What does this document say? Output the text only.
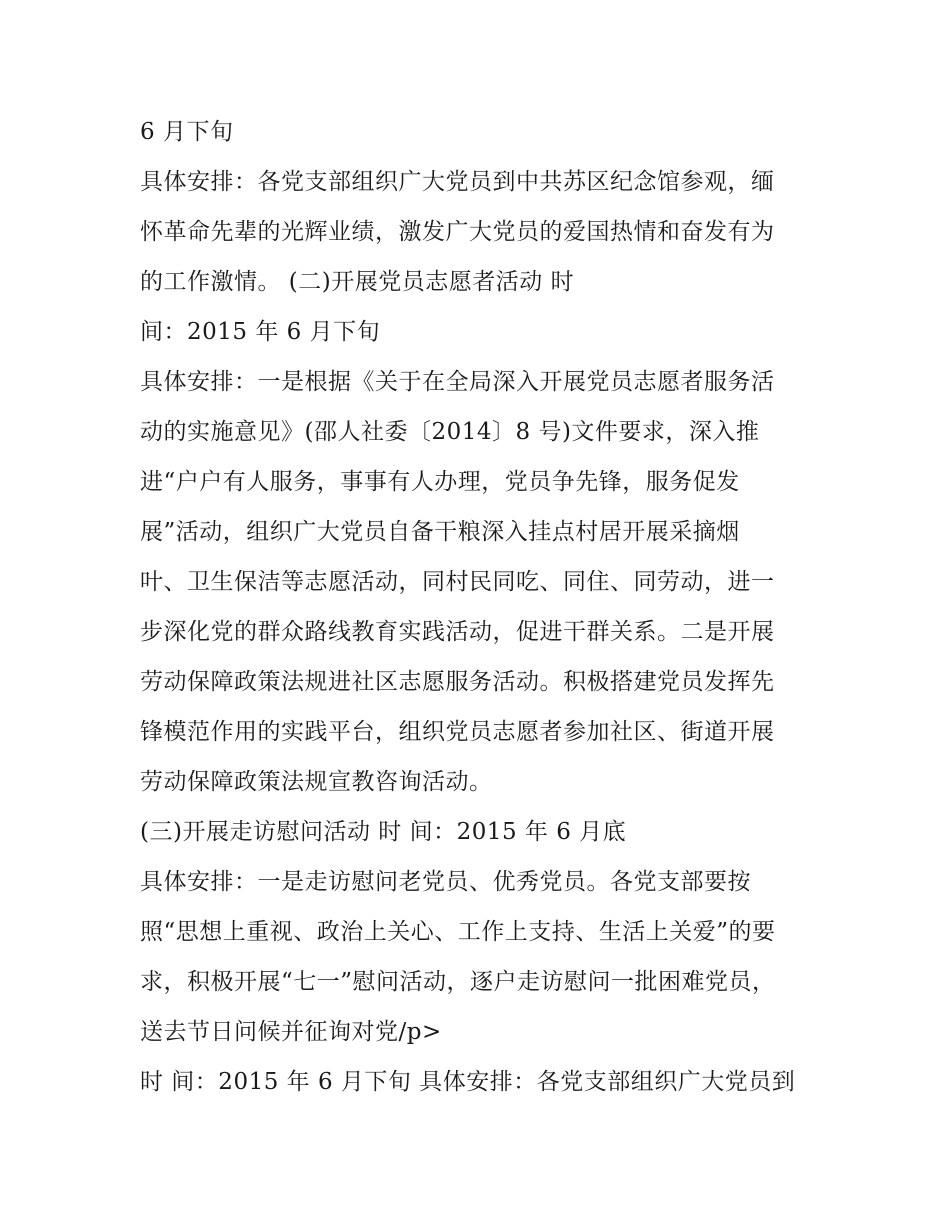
6 月下旬
具体安排：各党支部组织广大党员到中共苏区纪念馆参观，缅
怀革命先辈的光辉业绩，激发广大党员的爱国热情和奋发有为
的工作激情。 (二)开展党员志愿者活动 时
间：2015 年 6 月下旬
具体安排：一是根据《关于在全局深入开展党员志愿者服务活
动的实施意见》(邵人社委〔2014〕8 号)文件要求，深入推
进“户户有人服务，事事有人办理，党员争先锋，服务促发
展”活动，组织广大党员自备干粮深入挂点村居开展采摘烟
叶、卫生保洁等志愿活动，同村民同吃、同住、同劳动，进一
步深化党的群众路线教育实践活动，促进干群关系。二是开展
劳动保障政策法规进社区志愿服务活动。积极搭建党员发挥先
锋模范作用的实践平台，组织党员志愿者参加社区、街道开展
劳动保障政策法规宣教咨询活动。
(三)开展走访慰问活动 时 间：2015 年 6 月底
具体安排：一是走访慰问老党员、优秀党员。各党支部要按
照“思想上重视、政治上关心、工作上支持、生活上关爱”的要
求，积极开展“七一”慰问活动，逐户走访慰问一批困难党员，
送去节日问候并征询对党/p>
时 间：2015 年 6 月下旬 具体安排：各党支部组织广大党员到
